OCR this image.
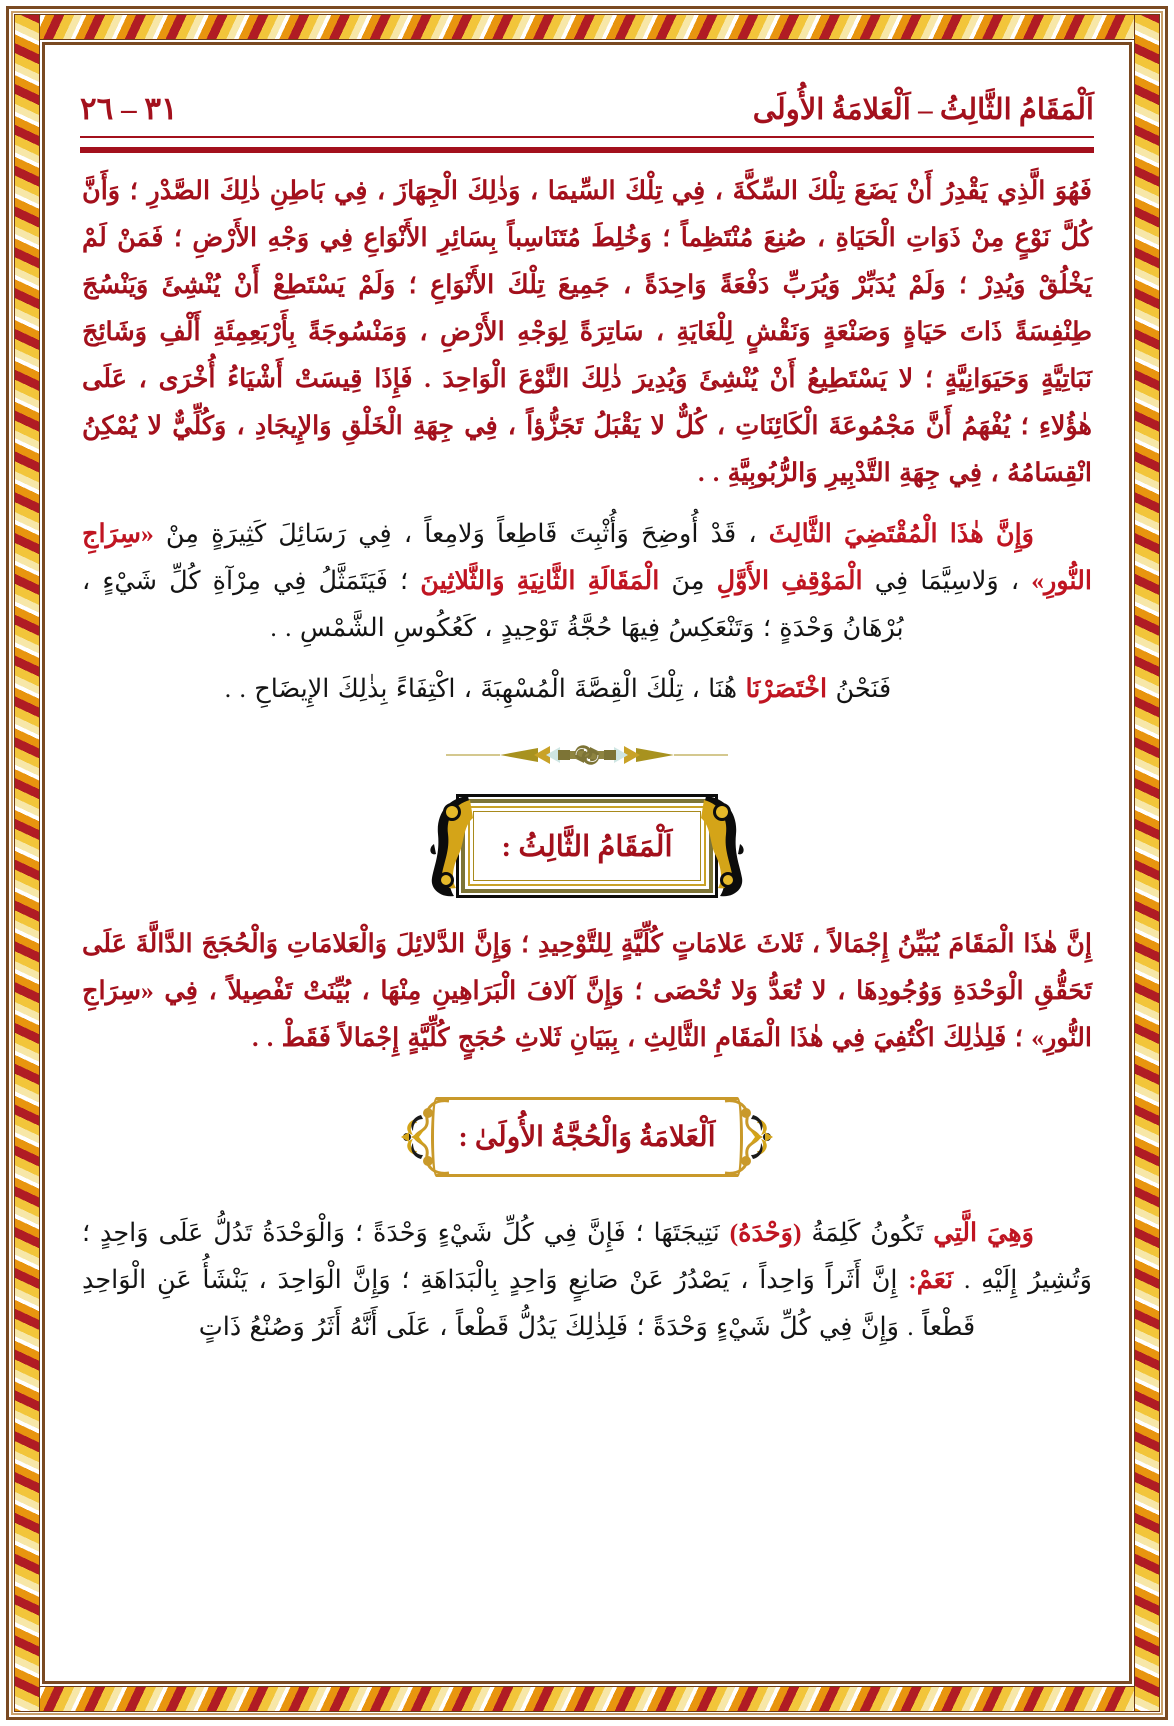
اَلْمَقَامُ الثَّالِثُ – اَلْعَلامَةُ الأُولَى
٣١ – ٢٦
فَهُوَ الَّذِي يَقْدِرُ أَنْ يَضَعَ تِلْكَ السِّكَّةَ ، فِي تِلْكَ السِّيمَا ، وَذٰلِكَ الْجِهَازَ ، فِي بَاطِنِ ذٰلِكَ الصَّدْرِ ؛ وَأَنَّ كُلَّ نَوْعٍ مِنْ ذَوَاتِ الْحَيَاةِ ، صُنِعَ مُنْتَظِماً ؛ وَخُلِطَ مُتَنَاسِباً بِسَائِرِ الأَنْوَاعِ فِي وَجْهِ الأَرْضِ ؛ فَمَنْ لَمْ يَخْلُقْ وَيُدِرْ ؛ وَلَمْ يُدَبِّرْ وَيُرَبِّ دَفْعَةً وَاحِدَةً ، جَمِيعَ تِلْكَ الأَنْوَاعِ ؛ وَلَمْ يَسْتَطِعْ أَنْ يُنْشِئَ وَيَنْسُجَ طِنْفِسَةً ذَاتَ حَيَاةٍ وَصَنْعَةٍ وَنَقْشٍ لِلْغَايَةِ ، سَاتِرَةً لِوَجْهِ الأَرْضِ ، وَمَنْسُوجَةً بِأَرْبَعِمِئَةِ أَلْفِ وَشَائِجَ نَبَاتِيَّةٍ وَحَيَوَانِيَّةٍ ؛ لا يَسْتَطِيعُ أَنْ يُنْشِئَ وَيُدِيرَ ذٰلِكَ النَّوْعَ الْوَاحِدَ . فَإِذَا قِيسَتْ أَشْيَاءُ أُخْرَى ، عَلَى هٰؤُلاءِ ؛ يُفْهَمُ أَنَّ مَجْمُوعَةَ الْكَائِنَاتِ ، كُلٌّ لا يَقْبَلُ تَجَزُّؤاً ، فِي جِهَةِ الْخَلْقِ وَالإِيجَادِ ، وَكُلِّيٌّ لا يُمْكِنُ انْقِسَامُهُ ، فِي جِهَةِ التَّدْبِيرِ وَالرُّبُوبِيَّةِ . .
وَإِنَّ هٰذَا الْمُقْتَضِيَ الثَّالِثَ ، قَدْ أُوضِحَ وَأُثْبِتَ قَاطِعاً وَلامِعاً ، فِي رَسَائِلَ كَثِيرَةٍ مِنْ «سِرَاجِ النُّورِ» ، وَلاسِيَّمَا فِي الْمَوْقِفِ الأَوَّلِ مِنَ الْمَقَالَةِ الثَّانِيَةِ وَالثَّلاثِينَ ؛ فَيَتَمَثَّلُ فِي مِرْآةِ كُلِّ شَيْءٍ ، بُرْهَانُ وَحْدَةٍ ؛ وَتَنْعَكِسُ فِيهَا حُجَّةُ تَوْحِيدٍ ، كَعُكُوسِ الشَّمْسِ . .
فَنَحْنُ اخْتَصَرْنَا هُنَا ، تِلْكَ الْقِصَّةَ الْمُسْهِبَةَ ، اكْتِفَاءً بِذٰلِكَ الإِيضَاحِ . .
اَلْمَقَامُ الثَّالِثُ :
إِنَّ هٰذَا الْمَقَامَ يُبَيِّنُ إِجْمَالاً ، ثَلاثَ عَلامَاتٍ كُلِّيَّةٍ لِلتَّوْحِيدِ ؛ وَإِنَّ الدَّلائِلَ وَالْعَلامَاتِ وَالْحُجَجَ الدَّالَّةَ عَلَى تَحَقُّقِ الْوَحْدَةِ وَوُجُودِهَا ، لا تُعَدُّ وَلا تُحْصَى ؛ وَإِنَّ آلافَ الْبَرَاهِينِ مِنْهَا ، بُيِّنَتْ تَفْصِيلاً ، فِي «سِرَاجِ النُّورِ» ؛ فَلِذٰلِكَ اكْتُفِيَ فِي هٰذَا الْمَقَامِ الثَّالِثِ ، بِبَيَانِ ثَلاثِ حُجَجٍ كُلِّيَّةٍ إِجْمَالاً فَقَطْ . .
اَلْعَلامَةُ وَالْحُجَّةُ الأُولَىٰ :
وَهِيَ الَّتِي تَكُونُ كَلِمَةُ (وَحْدَهُ) نَتِيجَتَهَا ؛ فَإِنَّ فِي كُلِّ شَيْءٍ وَحْدَةً ؛ وَالْوَحْدَةُ تَدُلُّ عَلَى وَاحِدٍ ؛ وَتُشِيرُ إِلَيْهِ . نَعَمْ: إِنَّ أَثَراً وَاحِداً ، يَصْدُرُ عَنْ صَانِعٍ وَاحِدٍ بِالْبَدَاهَةِ ؛ وَإِنَّ الْوَاحِدَ ، يَنْشَأُ عَنِ الْوَاحِدِ قَطْعاً . وَإِنَّ فِي كُلِّ شَيْءٍ وَحْدَةً ؛ فَلِذٰلِكَ يَدُلُّ قَطْعاً ، عَلَى أَنَّهُ أَثَرُ وَصُنْعُ ذَاتٍ
